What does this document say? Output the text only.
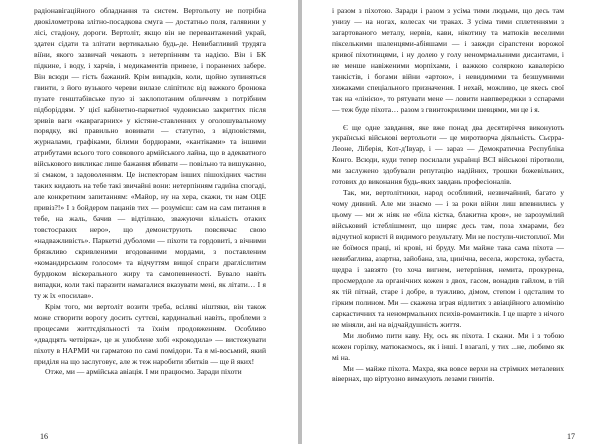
радіонавігаційного обладнання та систем. Вертольоту не потрібна двокілометрова злітно-посадкова смуга — достатньо поля, галявини у лісі, стадіону, дороги. Вертоліт, якщо він не перевантажений украй, здатен сідати та злітати вертикально будь-де. Невибагливий трудяга віїни, якого зазвичай чекають з нетерпінням та надією. Він і БК підкине, і воду, і харчів, і медикаментів привезе, і поранених забере. Він всюди — гість бажаний. Крім випадків, коли, щойно зупиняться гвинти, з його вузького череви вилазе сліпітилє від важкого бронюка пузате генштабівське пузо зі заклопотаним обличчям з потрібним підборіддям. У цієї кабінетно-паркетної чудовисько закриттих після зривів ваги «каврагарних» у кістяне-ставленних у оголошувальному порядку, які правильно вовивати — статутно, з відповістями, журналами, графіками, білими бордюрами, «кантіками» та іншими атрибутами всього того совкового армійського лайна, що в адекватного військового викликає лише бажання вбивати — повільно та вишуканно, зі смаком, з задоволенням. Це інспекторам інших пішохідних частин таких кидають на тебе такі звичайні вони: нетерпінням гадиїна спогаді, але конкретним запитанням: «Майор, ну на хера, скажи, ти нам ОЦЕ привіз?!» І з бойдером пацанів тих — розумієш: сам на сам питання в тебе, на жаль, бачив — відтілнаю, зважуючи кількість отаких товстосраких неро», що демонструють повсякчас свою «надважливість». Паркетні дуболоми — піхоти та гордовиті, з вічними брязкливо скривленими вгодованими мордами, з поставленим «командирським голосом» та відчуттям вищої спраги драгліслитим бурдюком віскерального жиру та самопевненості. Бувало навіть випадки, коли такі паразити намагалися вказувати мені, як літати… І я ту ж їх «посилав».

Крім того, ми вертоліт возити треба, всілякі ніштяки, він також може створити ворогу досить суттєві, кардинальні навіть, проблеми з процесами життєдіяльності та їхнім продовженням. Особливо «двадцять четвірка», це ж улюблене хобі «крокодила» — вистежувати піхоту в НАРМИ чи гарматою по самі помідори. Та я мі-восьмий, який приділя на що заслуговує, але ж теж наробити збитків — ще й яких!

Отже, ми — армійська авіація. І ми працюємо. Заради піхоти

16

і разом з піхотою. Заради і разом з усіма тими людьми, що десь там унизу — на ногах, колесах чи траках. З усіма тими сплетеннями з загартованого металу, нервів, кави, нікотину та матюків веселими пікселькими шаленцями-абіяшами — і завжди сірапстени ворожої кривої піхотинцями, і ну долею у голу неномрмальними дисантами, і не менше навіженими морпіхами, і важкою соляркою кавалерією танкістів, і богами війни «артою», і невидимими та безшумними хижаками спеціального призначення. І нехай, можливо, це якесь свої так на «лінією», то рятувати мене — ловити навпвереджки з сспарами — теж буде піхота… разом з гвинтокрилими шевцями, ми це і я.

Є ще одне завдання, яке вже понад два десятиріччя виконують українські військові вертольоти — це миротворча діяльність. Сьєрра-Леоне, Ліберія, Кот-д'Івуар, і — зараз — Демократична Республіка Конго. Всюди, куди тепер посилали українці ВСІ військові піротволи, ми заслужено здобували репутацію надійних, трошки божевільних, готових до виконання будь-яких завдань професіоналів.

Так, ми, вертолітники, народ особливий, незвичайний, багато у чому дивний. Але ми знаємо — і за роки війни лиш впевнились у цьому — ми ж ніяк не «біла кістка, блакитна кров», не зарозумілий військовий істеблішмент, що ширяє десь там, поза хмарами, без відчутної користі й видимого результату. Ми не постули-чистоплюї. Ми не боїмося праці, ні крові, ні бруду. Ми майже така сама піхота — невибаглива, азартна, зайобана, зла, цинічна, весела, жорстока, зубаста, щедра і завзято (то хоча вигнем, нетерпіння, немита, прокурена, просмердоле ла органічних кожен з двох, гасом, вонадив гайлом, в тій як тій пітнай, старе і добре, в тужливо, дімом, степом і одсталим то гірким полином. Ми — скажена зграя відлитих з авіаційного алюмінію саркастичних та неномрмальних психів-романтиків. І це шарте з нічого не міняли, ані на відчайдушність життя.

Ми любимо пити каву. Ну, ось як піхота. І скажи. Ми і з тобою кожен горілку, матюкаємось, як і інші. І взагалі, у тих ...не, любимо як мі на.

Ми — майже піхота. Махра, яка вовсе верхи на стрімких металевих вівернах, що віртуозно вимахують лезами гвинтів.

17
